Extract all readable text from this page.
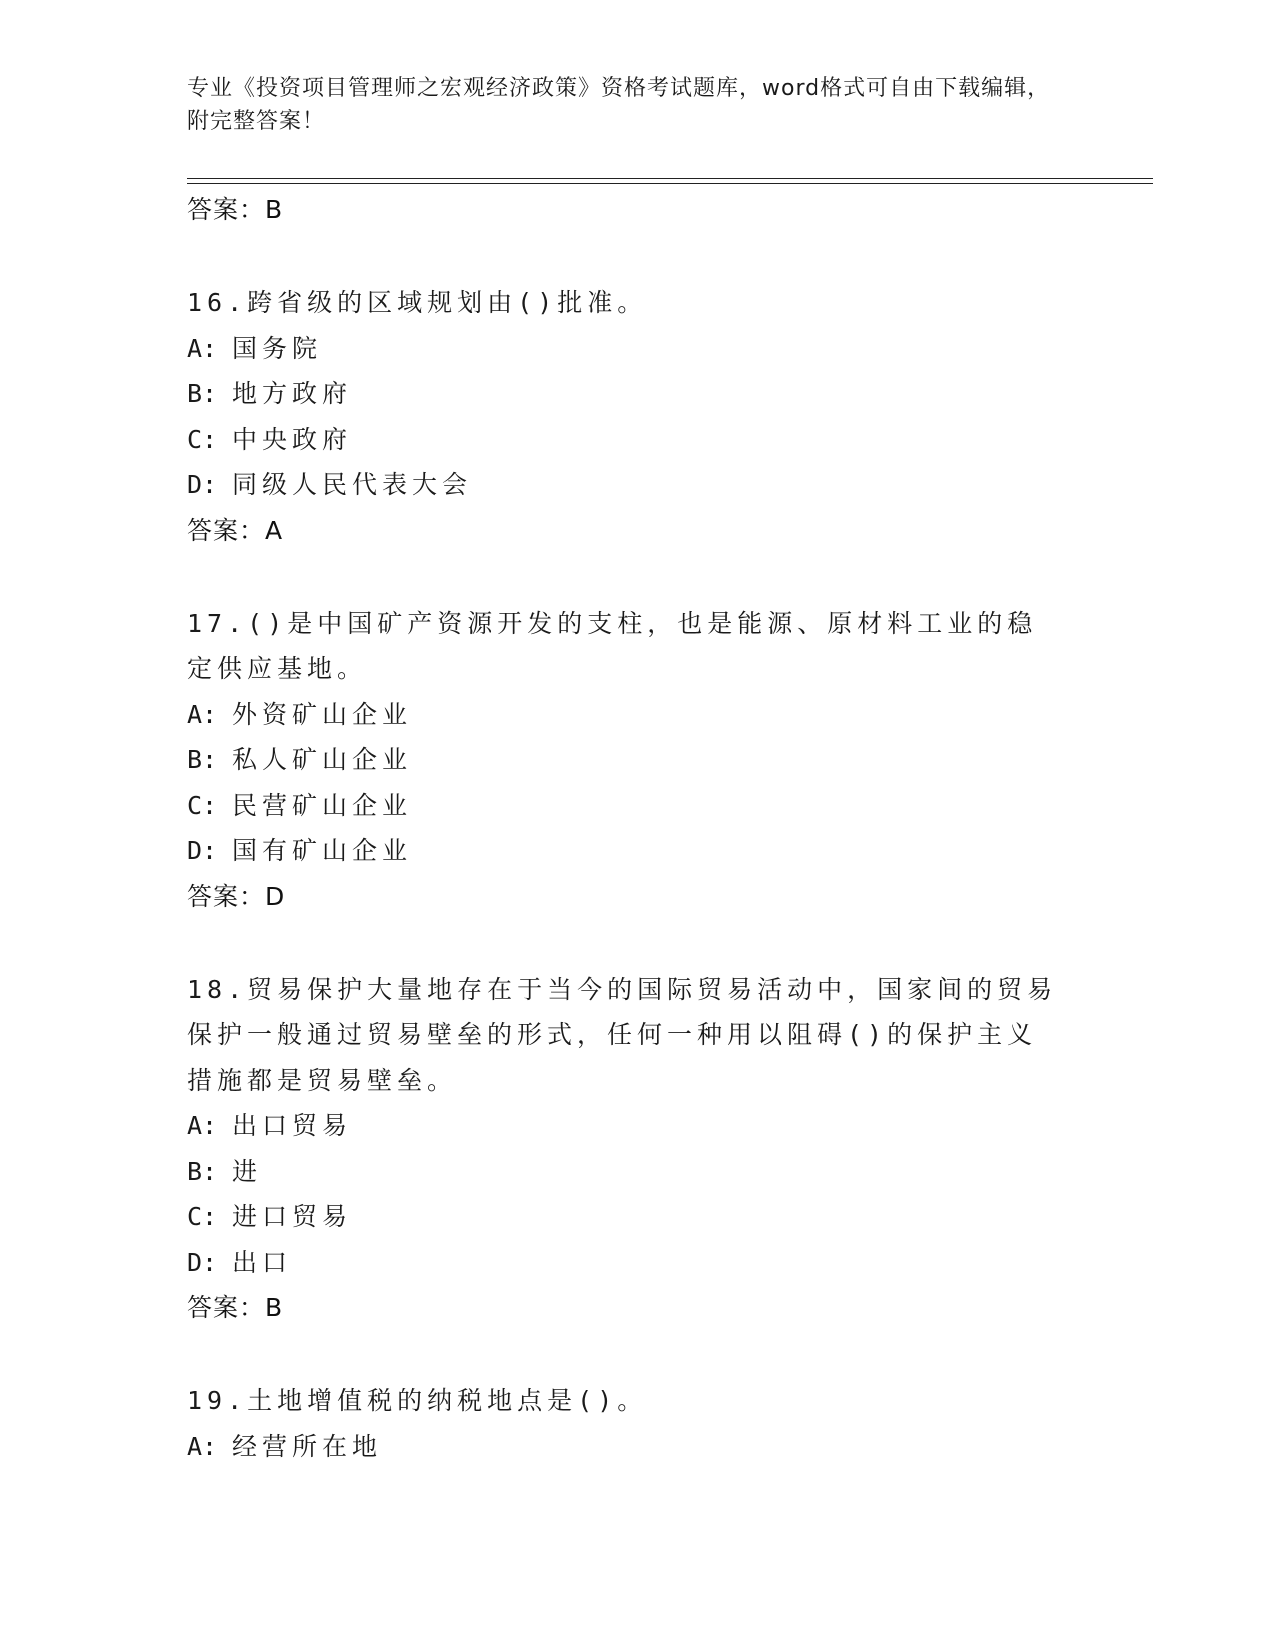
专业《投资项目管理师之宏观经济政策》资格考试题库，word格式可自由下载编辑，附完整答案！
答案：B
16.跨省级的区域规划由()批准。
A: 国务院
B: 地方政府
C: 中央政府
D: 同级人民代表大会
答案：A
17.()是中国矿产资源开发的支柱，也是能源、原材料工业的稳定供应基地。
A: 外资矿山企业
B: 私人矿山企业
C: 民营矿山企业
D: 国有矿山企业
答案：D
18.贸易保护大量地存在于当今的国际贸易活动中，国家间的贸易保护一般通过贸易壁垒的形式，任何一种用以阻碍()的保护主义措施都是贸易壁垒。
A: 出口贸易
B: 进
C: 进口贸易
D: 出口
答案：B
19.土地增值税的纳税地点是()。
A: 经营所在地
